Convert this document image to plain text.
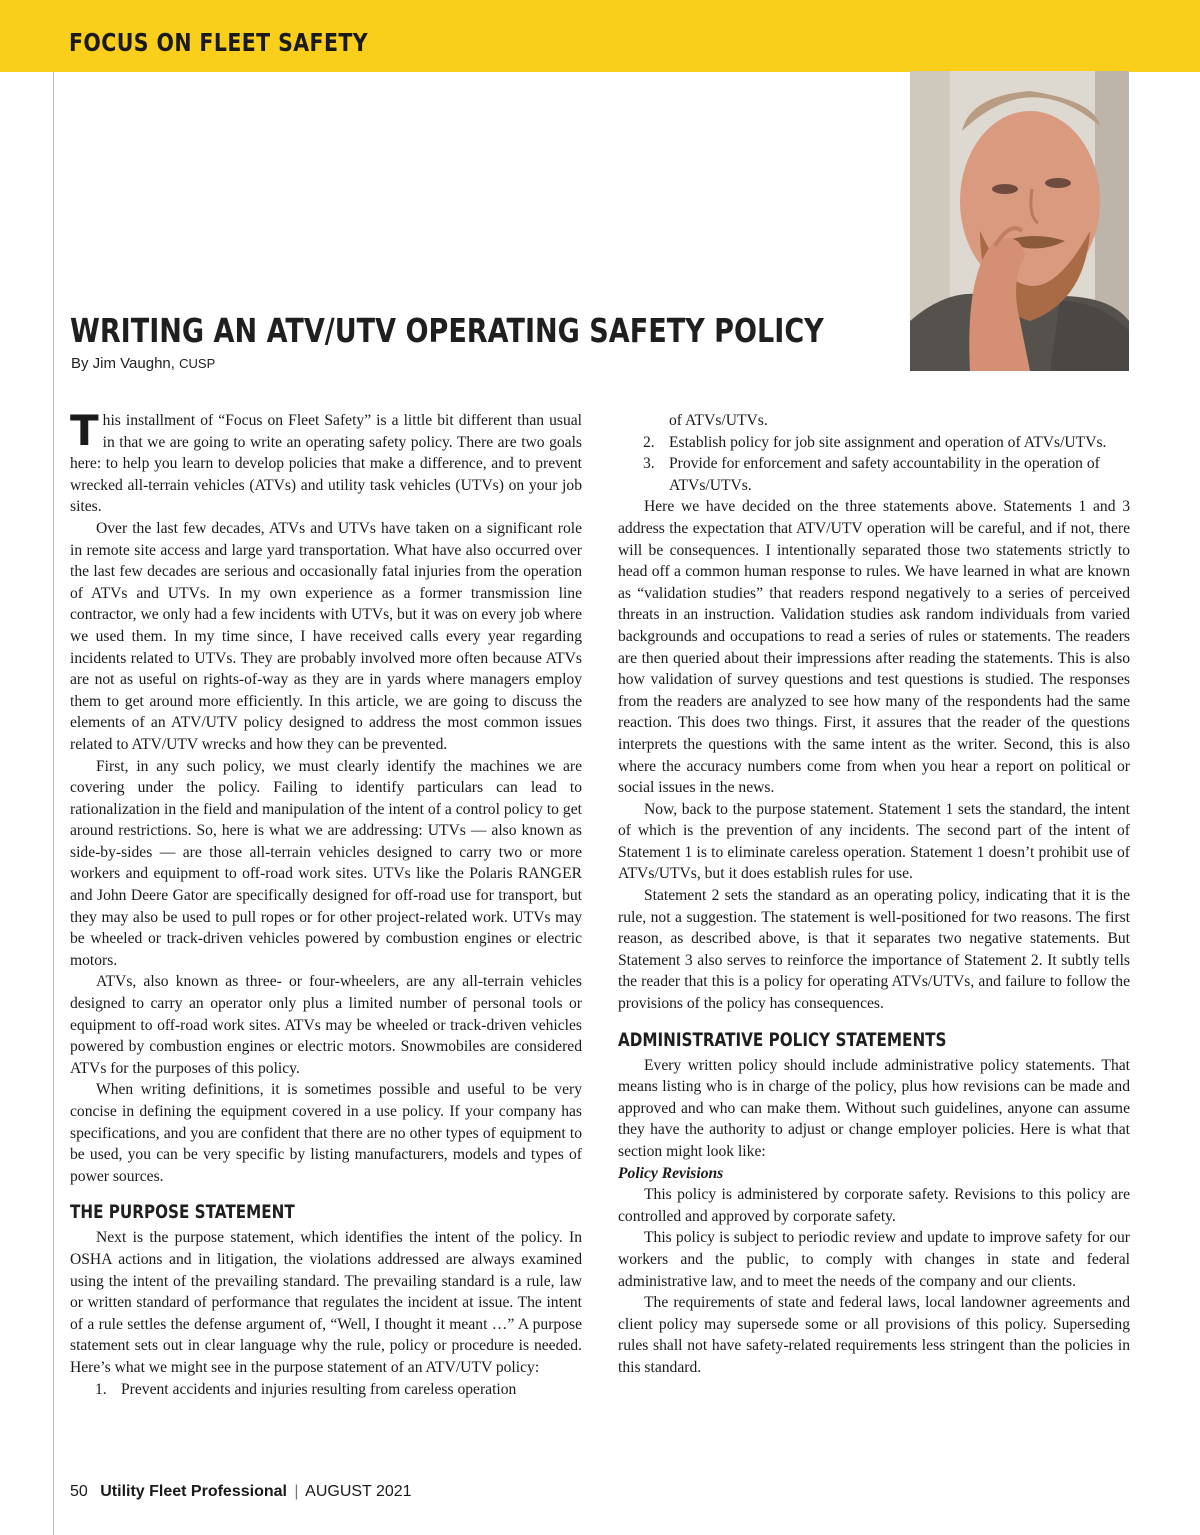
FOCUS ON FLEET SAFETY
WRITING AN ATV/UTV OPERATING SAFETY POLICY
By Jim Vaughn, CUSP

This installment of “Focus on Fleet Safety” is a little bit different than usual in that we are going to write an operating safety policy. There are two goals here: to help you learn to develop policies that make a difference, and to prevent wrecked all-terrain vehicles (ATVs) and utility task vehicles (UTVs) on your job sites.

Over the last few decades, ATVs and UTVs have taken on a significant role in remote site access and large yard transportation. What have also occurred over the last few decades are serious and occasionally fatal injuries from the operation of ATVs and UTVs. In my own experience as a former transmission line contractor, we only had a few incidents with UTVs, but it was on every job where we used them. In my time since, I have received calls every year regarding incidents related to UTVs. They are probably involved more often because ATVs are not as useful on rights-of-way as they are in yards where managers employ them to get around more efficiently. In this article, we are going to discuss the elements of an ATV/UTV policy designed to address the most common issues related to ATV/UTV wrecks and how they can be prevented.

First, in any such policy, we must clearly identify the machines we are covering under the policy. Failing to identify particulars can lead to rationalization in the field and manipulation of the intent of a control policy to get around restrictions. So, here is what we are addressing: UTVs — also known as side-by-sides — are those all-terrain vehicles designed to carry two or more workers and equipment to off-road work sites. UTVs like the Polaris RANGER and John Deere Gator are specifically designed for off-road use for transport, but they may also be used to pull ropes or for other project-related work. UTVs may be wheeled or track-driven vehicles powered by combustion engines or electric motors.

ATVs, also known as three- or four-wheelers, are any all-terrain vehicles designed to carry an operator only plus a limited number of personal tools or equipment to off-road work sites. ATVs may be wheeled or track-driven vehicles powered by combustion engines or electric motors. Snowmobiles are considered ATVs for the purposes of this policy.

When writing definitions, it is sometimes possible and useful to be very concise in defining the equipment covered in a use policy. If your company has specifications, and you are confident that there are no other types of equipment to be used, you can be very specific by listing manufacturers, models and types of power sources.

THE PURPOSE STATEMENT

Next is the purpose statement, which identifies the intent of the policy. In OSHA actions and in litigation, the violations addressed are always examined using the intent of the prevailing standard. The prevailing standard is a rule, law or written standard of performance that regulates the incident at issue. The intent of a rule settles the defense argument of, “Well, I thought it meant …” A purpose statement sets out in clear language why the rule, policy or procedure is needed. Here’s what we might see in the purpose statement of an ATV/UTV policy:

1. Prevent accidents and injuries resulting from careless operation
of ATVs/UTVs.
2. Establish policy for job site assignment and operation of ATVs/UTVs.
3. Provide for enforcement and safety accountability in the operation of ATVs/UTVs.

Here we have decided on the three statements above. Statements 1 and 3 address the expectation that ATV/UTV operation will be careful, and if not, there will be consequences. I intentionally separated those two statements strictly to head off a common human response to rules. We have learned in what are known as “validation studies” that readers respond negatively to a series of perceived threats in an instruction. Validation studies ask random individuals from varied backgrounds and occupations to read a series of rules or statements. The readers are then queried about their impressions after reading the statements. This is also how validation of survey questions and test questions is studied. The responses from the readers are analyzed to see how many of the respondents had the same reaction. This does two things. First, it assures that the reader of the questions interprets the questions with the same intent as the writer. Second, this is also where the accuracy numbers come from when you hear a report on political or social issues in the news.

Now, back to the purpose statement. Statement 1 sets the standard, the intent of which is the prevention of any incidents. The second part of the intent of Statement 1 is to eliminate careless operation. Statement 1 doesn’t prohibit use of ATVs/UTVs, but it does establish rules for use.

Statement 2 sets the standard as an operating policy, indicating that it is the rule, not a suggestion. The statement is well-positioned for two reasons. The first reason, as described above, is that it separates two negative statements. But Statement 3 also serves to reinforce the importance of Statement 2. It subtly tells the reader that this is a policy for operating ATVs/UTVs, and failure to follow the provisions of the policy has consequences.

ADMINISTRATIVE POLICY STATEMENTS

Every written policy should include administrative policy statements. That means listing who is in charge of the policy, plus how revisions can be made and approved and who can make them. Without such guidelines, anyone can assume they have the authority to adjust or change employer policies. Here is what that section might look like:

Policy Revisions

This policy is administered by corporate safety. Revisions to this policy are controlled and approved by corporate safety.

This policy is subject to periodic review and update to improve safety for our workers and the public, to comply with changes in state and federal administrative law, and to meet the needs of the company and our clients.

The requirements of state and federal laws, local landowner agreements and client policy may supersede some or all provisions of this policy. Superseding rules shall not have safety-related requirements less stringent than the policies in this standard.

50 Utility Fleet Professional | AUGUST 2021
